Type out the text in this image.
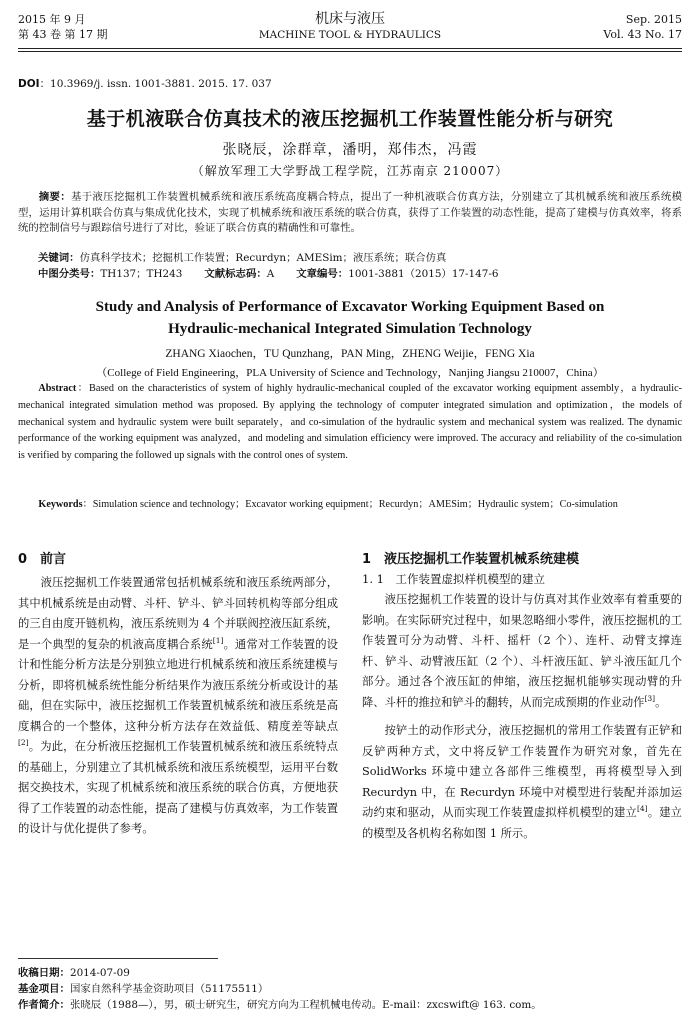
2015 年 9 月
第 43 卷 第 17 期
机床与液压
MACHINE TOOL & HYDRAULICS
Sep. 2015
Vol. 43 No. 17
DOI：10.3969/j. issn. 1001-3881. 2015. 17. 037
基于机液联合仿真技术的液压挖掘机工作装置性能分析与研究
张晓辰，涂群章，潘明，郑伟杰，冯霞
（解放军理工大学野战工程学院，江苏南京 210007）
摘要：基于液压挖掘机工作装置机械系统和液压系统高度耦合特点，提出了一种机液联合仿真方法，分别建立了其机械系统和液压系统模型，运用计算机联合仿真与集成优化技术，实现了机械系统和液压系统的联合仿真，获得了工作装置的动态性能，提高了建模与仿真效率，将系统的控制信号与跟踪信号进行了对比，验证了联合仿真的精确性和可靠性。
关键词：仿真科学技术；挖掘机工作装置；Recurdyn；AMESim；液压系统；联合仿真
中图分类号：TH137；TH243 文献标志码：A 文章编号：1001-3881（2015）17-147-6
Study and Analysis of Performance of Excavator Working Equipment Based on
Hydraulic-mechanical Integrated Simulation Technology
ZHANG Xiaochen，TU Qunzhang，PAN Ming，ZHENG Weijie，FENG Xia
（College of Field Engineering，PLA University of Science and Technology，Nanjing Jiangsu 210007，China）
Abstract：Based on the characteristics of system of highly hydraulic-mechanical coupled of the excavator working equipment assembly，a hydraulic-mechanical integrated simulation method was proposed. By applying the technology of computer integrated simulation and optimization，the models of mechanical system and hydraulic system were built separately，and co-simulation of the hydraulic system and mechanical system was realized. The dynamic performance of the working equipment was analyzed，and modeling and simulation efficiency were improved. The accuracy and reliability of the co-simulation is verified by comparing the followed up signals with the control ones of system.
Keywords：Simulation science and technology；Excavator working equipment；Recurdyn；AMESim；Hydraulic system；Co-simulation
0　前言

液压挖掘机工作装置通常包括机械系统和液压系统两部分，其中机械系统是由动臂、斗杆、铲斗、铲斗回转机构等部分组成的三自由度开链机构，液压系统则为 4 个并联阀控液压缸系统，是一个典型的复杂的机液高度耦合系统[1]。通常对工作装置的设计和性能分析方法是分别独立地进行机械系统和液压系统建模与分析，即将机械系统性能分析结果作为液压系统分析或设计的基础，但在实际中，液压挖掘机工作装置机械系统和液压系统是高度耦合的一个整体，这种分析方法存在效益低、精度差等缺点[2]。为此，在分析液压挖掘机工作装置机械系统和液压系统特点的基础上，分别建立了其机械系统和液压系统模型，运用平台数据交换技术，实现了机械系统和液压系统的联合仿真，方便地获得了工作装置的动态性能，提高了建模与仿真效率，为工作装置的设计与优化提供了参考。

1　液压挖掘机工作装置机械系统建模
1. 1　工作装置虚拟样机模型的建立

液压挖掘机工作装置的设计与仿真对其作业效率有着重要的影响。在实际研究过程中，如果忽略细小零件，液压挖掘机的工作装置可分为动臂、斗杆、摇杆（2 个）、连杆、动臂支撑连杆、铲斗、动臂液压缸（2 个）、斗杆液压缸、铲斗液压缸几个部分。通过各个液压缸的伸缩，液压挖掘机能够实现动臂的升降、斗杆的推拉和铲斗的翻转，从而完成预期的作业动作[3]。

按铲土的动作形式分，液压挖掘机的常用工作装置有正铲和反铲两种方式，文中将反铲工作装置作为研究对象，首先在 SolidWorks 环境中建立各部件三维模型，再将模型导入到 Recurdyn 中，在 Recurdyn 环境中对模型进行装配并添加运动约束和驱动，从而实现工作装置虚拟样机模型的建立[4]。建立的模型及各机构名称如图 1 所示。

收稿日期：2014-07-09
基金项目：国家自然科学基金资助项目（51175511）
作者简介：张晓辰（1988—），男，硕士研究生，研究方向为工程机械电传动。E-mail：zxcswift@ 163. com。
